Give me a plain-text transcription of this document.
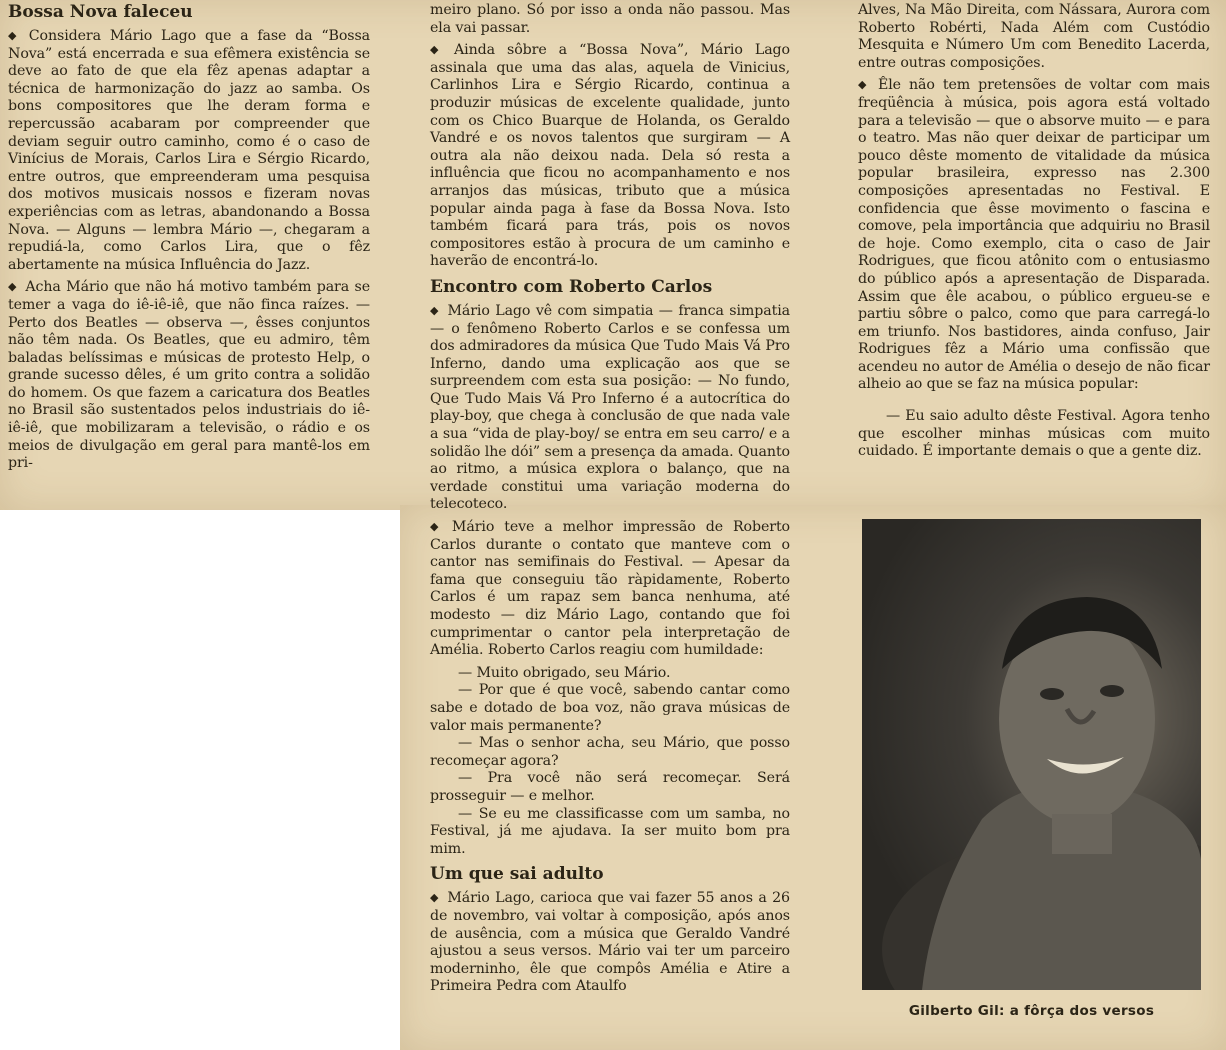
Bossa Nova faleceu

◆ Considera Mário Lago que a fase da “Bossa Nova” está encerrada e sua efêmera existência se deve ao fato de que ela fêz apenas adaptar a técnica de harmonização do jazz ao samba. Os bons compositores que lhe deram forma e repercussão acabaram por compreender que deviam seguir outro caminho, como é o caso de Vinícius de Morais, Carlos Lira e Sérgio Ricardo, entre outros, que empreenderam uma pesquisa dos motivos musicais nossos e fizeram novas experiências com as letras, abandonando a Bossa Nova. — Alguns — lembra Mário —, chegaram a repudiá-la, como Carlos Lira, que o fêz abertamente na música Influência do Jazz.

◆ Acha Mário que não há motivo também para se temer a vaga do iê-iê-iê, que não finca raízes. — Perto dos Beatles — observa —, êsses conjuntos não têm nada. Os Beatles, que eu admiro, têm baladas belíssimas e músicas de protesto Help, o grande sucesso dêles, é um grito contra a solidão do homem. Os que fazem a caricatura dos Beatles no Brasil são sustentados pelos industriais do iê-iê-iê, que mobilizaram a televisão, o rádio e os meios de divulgação em geral para mantê-los em pri-

meiro plano. Só por isso a onda não passou. Mas ela vai passar.

◆ Ainda sôbre a “Bossa Nova”, Mário Lago assinala que uma das alas, aquela de Vinicius, Carlinhos Lira e Sérgio Ricardo, continua a produzir músicas de excelente qualidade, junto com os Chico Buarque de Holanda, os Geraldo Vandré e os novos talentos que surgiram — A outra ala não deixou nada. Dela só resta a influência que ficou no acompanhamento e nos arranjos das músicas, tributo que a música popular ainda paga à fase da Bossa Nova. Isto também ficará para trás, pois os novos compositores estão à procura de um caminho e haverão de encontrá-lo.

Encontro com Roberto Carlos

◆ Mário Lago vê com simpatia — franca simpatia — o fenômeno Roberto Carlos e se confessa um dos admiradores da música Que Tudo Mais Vá Pro Inferno, dando uma explicação aos que se surpreendem com esta sua posição: — No fundo, Que Tudo Mais Vá Pro Inferno é a autocrítica do play-boy, que chega à conclusão de que nada vale a sua “vida de play-boy/ se entra em seu carro/ e a solidão lhe dói” sem a presença da amada. Quanto ao ritmo, a música explora o balanço, que na verdade constitui uma variação moderna do telecoteco.

◆ Mário teve a melhor impressão de Roberto Carlos durante o contato que manteve com o cantor nas semifinais do Festival. — Apesar da fama que conseguiu tão ràpidamente, Roberto Carlos é um rapaz sem banca nenhuma, até modesto — diz Mário Lago, contando que foi cumprimentar o cantor pela interpretação de Amélia. Roberto Carlos reagiu com humildade:

— Muito obrigado, seu Mário.

— Por que é que você, sabendo cantar como sabe e dotado de boa voz, não grava músicas de valor mais permanente?

— Mas o senhor acha, seu Mário, que posso recomeçar agora?

— Pra você não será recomeçar. Será prosseguir — e melhor.

— Se eu me classificasse com um samba, no Festival, já me ajudava. Ia ser muito bom pra mim.

Um que sai adulto

◆ Mário Lago, carioca que vai fazer 55 anos a 26 de novembro, vai voltar à composição, após anos de ausência, com a música que Geraldo Vandré ajustou a seus versos. Mário vai ter um parceiro moderninho, êle que compôs Amélia e Atire a Primeira Pedra com Ataulfo

Alves, Na Mão Direita, com Nássara, Aurora com Roberto Robérti, Nada Além com Custódio Mesquita e Número Um com Benedito Lacerda, entre outras composições.

◆ Êle não tem pretensões de voltar com mais freqüência à música, pois agora está voltado para a televisão — que o absorve muito — e para o teatro. Mas não quer deixar de participar um pouco dêste momento de vitalidade da música popular brasileira, expresso nas 2.300 composições apresentadas no Festival. E confidencia que êsse movimento o fascina e comove, pela importância que adquiriu no Brasil de hoje. Como exemplo, cita o caso de Jair Rodrigues, que ficou atônito com o entusiasmo do público após a apresentação de Disparada. Assim que êle acabou, o público ergueu-se e partiu sôbre o palco, como que para carregá-lo em triunfo. Nos bastidores, ainda confuso, Jair Rodrigues fêz a Mário uma confissão que acendeu no autor de Amélia o desejo de não ficar alheio ao que se faz na música popular:

— Eu saio adulto dêste Festival. Agora tenho que escolher minhas músicas com muito cuidado. É importante demais o que a gente diz.

Gilberto Gil: a fôrça dos versos
